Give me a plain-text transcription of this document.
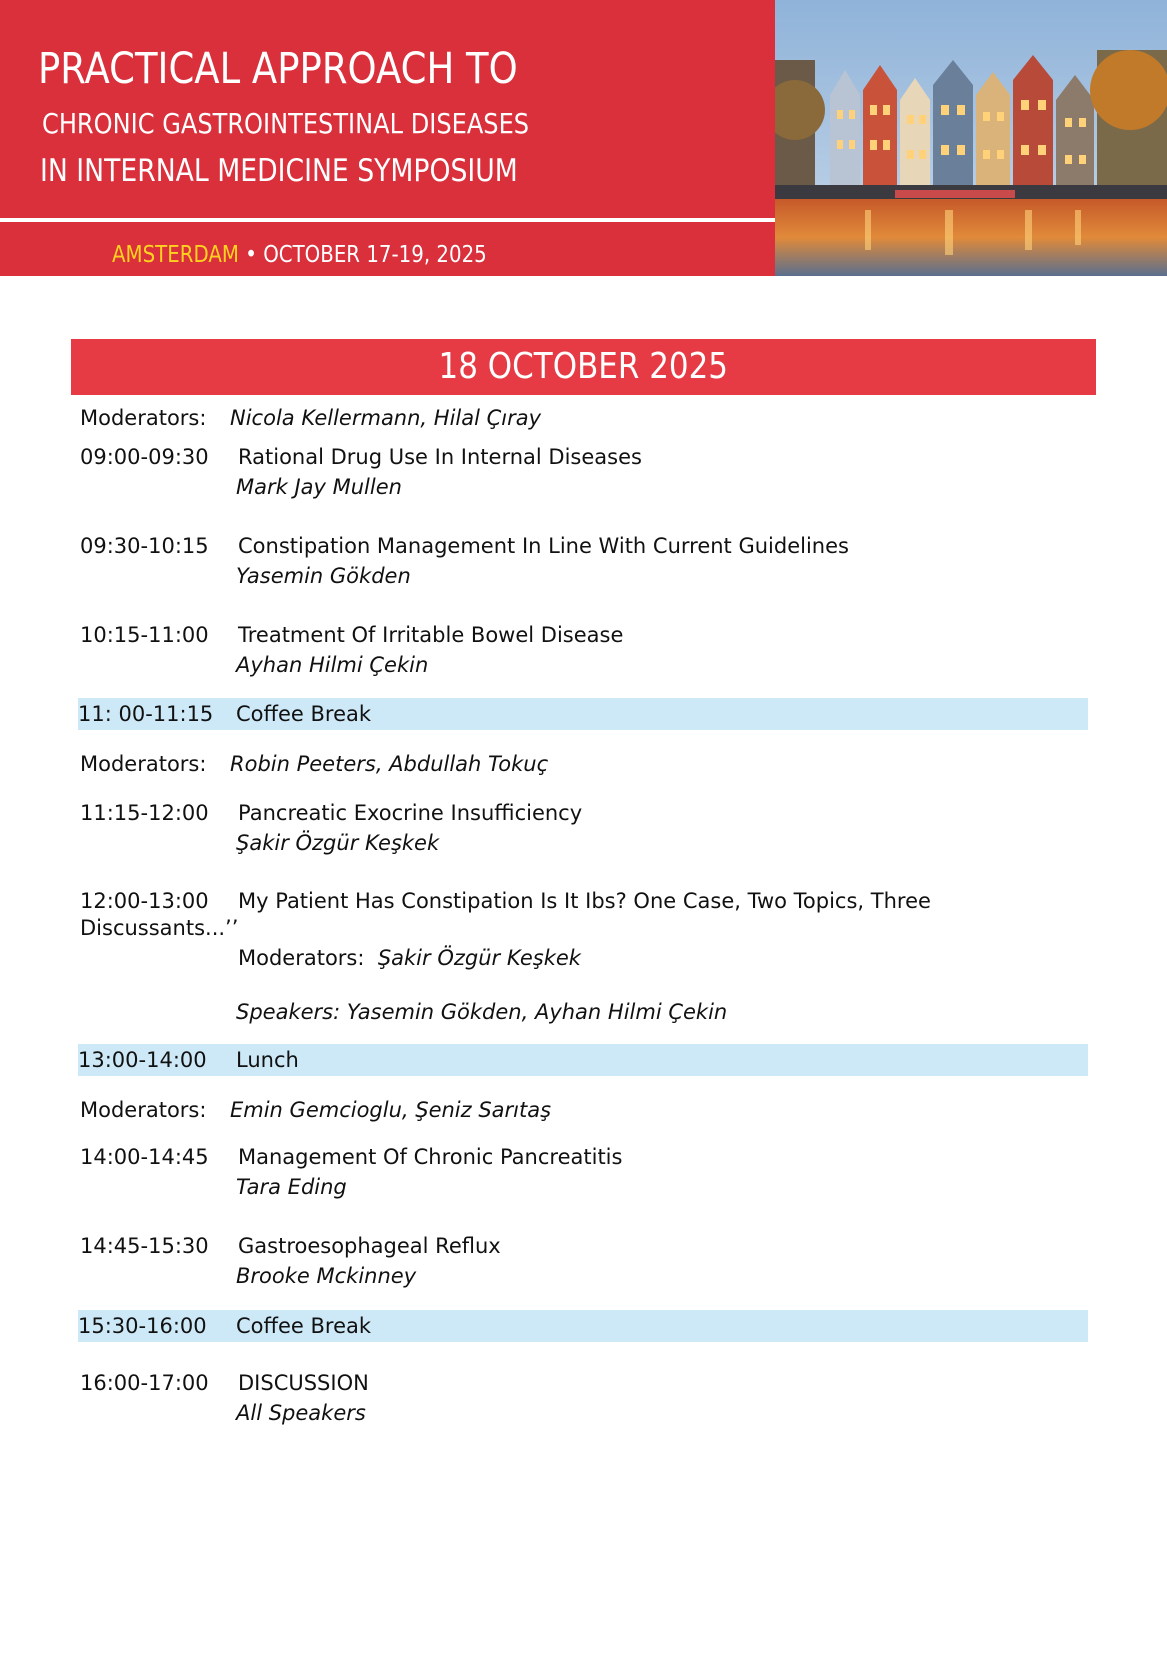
PRACTICAL APPROACH TO
CHRONIC GASTROINTESTINAL DISEASES
IN INTERNAL MEDICINE SYMPOSIUM
AMSTERDAM • OCTOBER 17-19, 2025
18 OCTOBER 2025
Moderators: Nicola Kellermann, Hilal Çıray
09:00-09:30 Rational Drug Use In Internal Diseases
Mark Jay Mullen
09:30-10:15 Constipation Management In Line With Current Guidelines
Yasemin Gökden
10:15-11:00 Treatment Of Irritable Bowel Disease
Ayhan Hilmi Çekin
11: 00-11:15 Coffee Break
Moderators: Robin Peeters, Abdullah Tokuç
11:15-12:00 Pancreatic Exocrine Insufficiency
Şakir Özgür Keşkek
12:00-13:00 My Patient Has Constipation Is It Ibs? One Case, Two Topics, Three
Discussants...’’
Moderators: Şakir Özgür Keşkek
Speakers: Yasemin Gökden, Ayhan Hilmi Çekin
13:00-14:00 Lunch
Moderators: Emin Gemcioglu, Şeniz Sarıtaş
14:00-14:45 Management Of Chronic Pancreatitis
Tara Eding
14:45-15:30 Gastroesophageal Reflux
Brooke Mckinney
15:30-16:00 Coffee Break
16:00-17:00 DISCUSSION
All Speakers
